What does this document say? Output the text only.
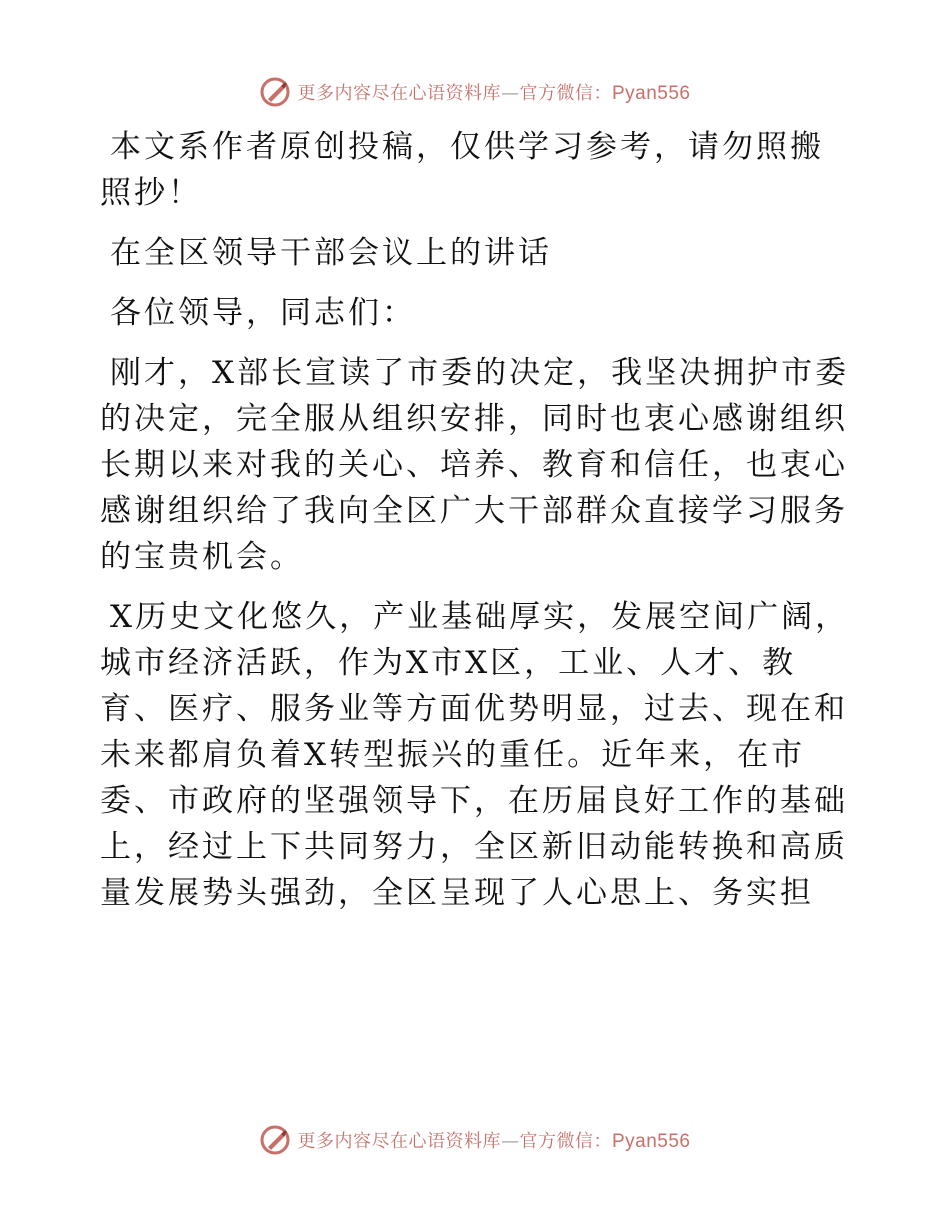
更多内容尽在心语资料库—官方微信：Pyan556

本文系作者原创投稿，仅供学习参考，请勿照搬
照抄！

在全区领导干部会议上的讲话

各位领导，同志们：

刚才，X部长宣读了市委的决定，我坚决拥护市委
的决定，完全服从组织安排，同时也衷心感谢组织
长期以来对我的关心、培养、教育和信任，也衷心
感谢组织给了我向全区广大干部群众直接学习服务
的宝贵机会。

X历史文化悠久，产业基础厚实，发展空间广阔，
城市经济活跃，作为X市X区，工业、人才、教
育、医疗、服务业等方面优势明显，过去、现在和
未来都肩负着X转型振兴的重任。近年来，在市
委、市政府的坚强领导下，在历届良好工作的基础
上，经过上下共同努力，全区新旧动能转换和高质
量发展势头强劲，全区呈现了人心思上、务实担

更多内容尽在心语资料库—官方微信：Pyan556
